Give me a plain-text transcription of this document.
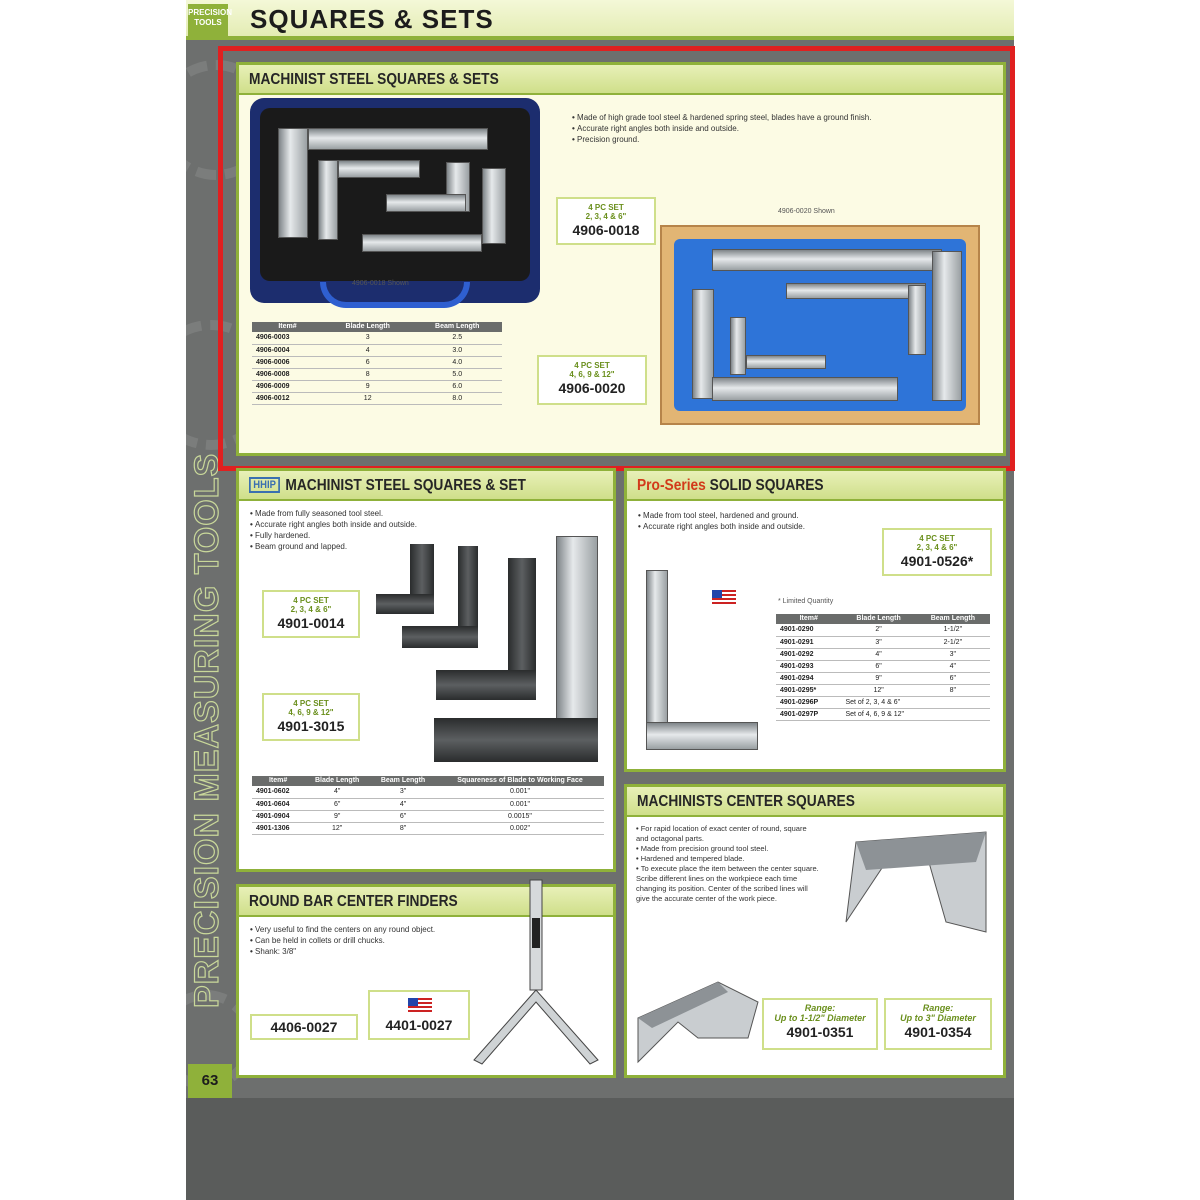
PRECISION
TOOLS SQUARES & SETS
PRECISION MEASURING TOOLS
63
MACHINIST STEEL SQUARES & SETS
• Made of high grade tool steel & hardened spring steel, blades have a ground finish.
• Accurate right angles both inside and outside.
• Precision ground.
4906-0018 Shown
4 PC SET
2, 3, 4 & 6"
4906-0018
4 PC SET
4, 6, 9 & 12"
4906-0020
4906-0020 Shown
Item#	Blade Length	Beam Length
4906-0003	3	2.5
4906-0004	4	3.0
4906-0006	6	4.0
4906-0008	8	5.0
4906-0009	9	6.0
4906-0012	12	8.0
HHIP MACHINIST STEEL SQUARES & SET
• Made from fully seasoned tool steel.
• Accurate right angles both inside and outside.
• Fully hardened.
• Beam ground and lapped.
4 PC SET
2, 3, 4 & 6"
4901-0014
4 PC SET
4, 6, 9 & 12"
4901-3015
Item#	Blade Length	Beam Length	Squareness of Blade to Working Face
4901-0602	4"	3"	0.001"
4901-0604	6"	4"	0.001"
4901-0904	9"	6"	0.0015"
4901-1306	12"	8"	0.002"
Pro-Series SOLID SQUARES
• Made from tool steel, hardened and ground.
• Accurate right angles both inside and outside.
4 PC SET
2, 3, 4 & 6"
4901-0526*
* Limited Quantity
Item#	Blade Length	Beam Length
4901-0290	2"	1-1/2"
4901-0291	3"	2-1/2"
4901-0292	4"	3"
4901-0293	6"	4"
4901-0294	9"	6"
4901-0295*	12"	8"
4901-0296P	Set of 2, 3, 4 & 6"	
4901-0297P	Set of 4, 6, 9 & 12"	
MACHINISTS CENTER SQUARES
• For rapid location of exact center of round, square and octagonal parts.
• Made from precision ground tool steel.
• Hardened and tempered blade.
• To execute place the item between the center square. Scribe different lines on the workpiece each time changing its position. Center of the scribed lines will give the accurate center of the work piece.
Range:
Up to 1-1/2" Diameter
4901-0351
Range:
Up to 3" Diameter
4901-0354
ROUND BAR CENTER FINDERS
• Very useful to find the centers on any round object.
• Can be held in collets or drill chucks.
• Shank: 3/8"
4406-0027	4401-0027
